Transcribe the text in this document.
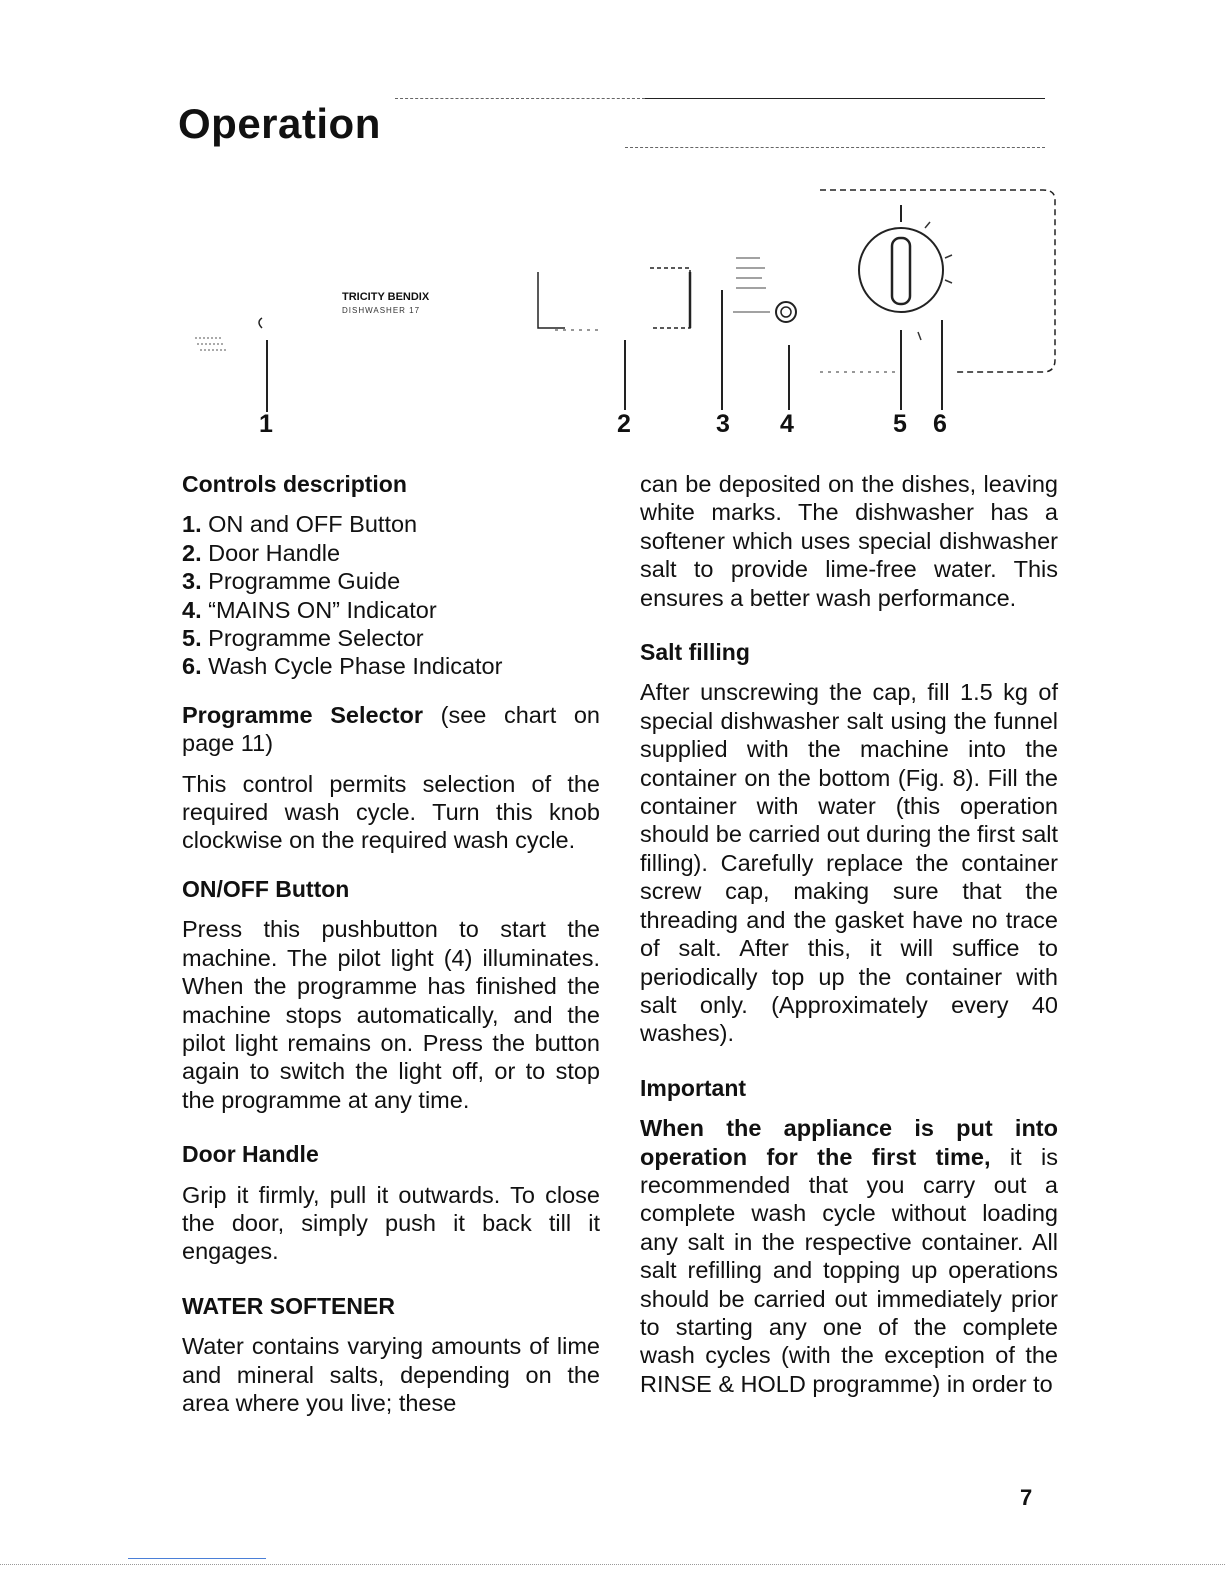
Operation
TRICITY BENDIX
DISHWASHER 17
1	2	3 4	5 6
Controls description
1. ON and OFF Button
2. Door Handle
3. Programme Guide
4. “MAINS ON” Indicator
5. Programme Selector
6. Wash Cycle Phase Indicator

Programme Selector (see chart on page 11)

This control permits selection of the required wash cycle. Turn this knob clockwise on the required wash cycle.

ON/OFF Button

Press this pushbutton to start the machine. The pilot light (4) illuminates. When the programme has finished the machine stops automatically, and the pilot light remains on. Press the button again to switch the light off, or to stop the programme at any time.

Door Handle

Grip it firmly, pull it outwards. To close the door, simply push it back till it engages.

WATER SOFTENER

Water contains varying amounts of lime and mineral salts, depending on the area where you live; these

can be deposited on the dishes, leaving white marks. The dishwasher has a softener which uses special dishwasher salt to provide lime-free water. This ensures a better wash performance.

Salt filling

After unscrewing the cap, fill 1.5 kg of special dishwasher salt using the funnel supplied with the machine into the container on the bottom (Fig. 8). Fill the container with water (this operation should be carried out during the first salt filling). Carefully replace the container screw cap, making sure that the threading and the gasket have no trace of salt. After this, it will suffice to periodically top up the container with salt only. (Approximately every 40 washes).

Important

When the appliance is put into operation for the first time, it is recommended that you carry out a complete wash cycle without loading any salt in the respective container. All salt refilling and topping up operations should be carried out immediately prior to starting any one of the complete wash cycles (with the exception of the RINSE & HOLD programme) in order to

7
